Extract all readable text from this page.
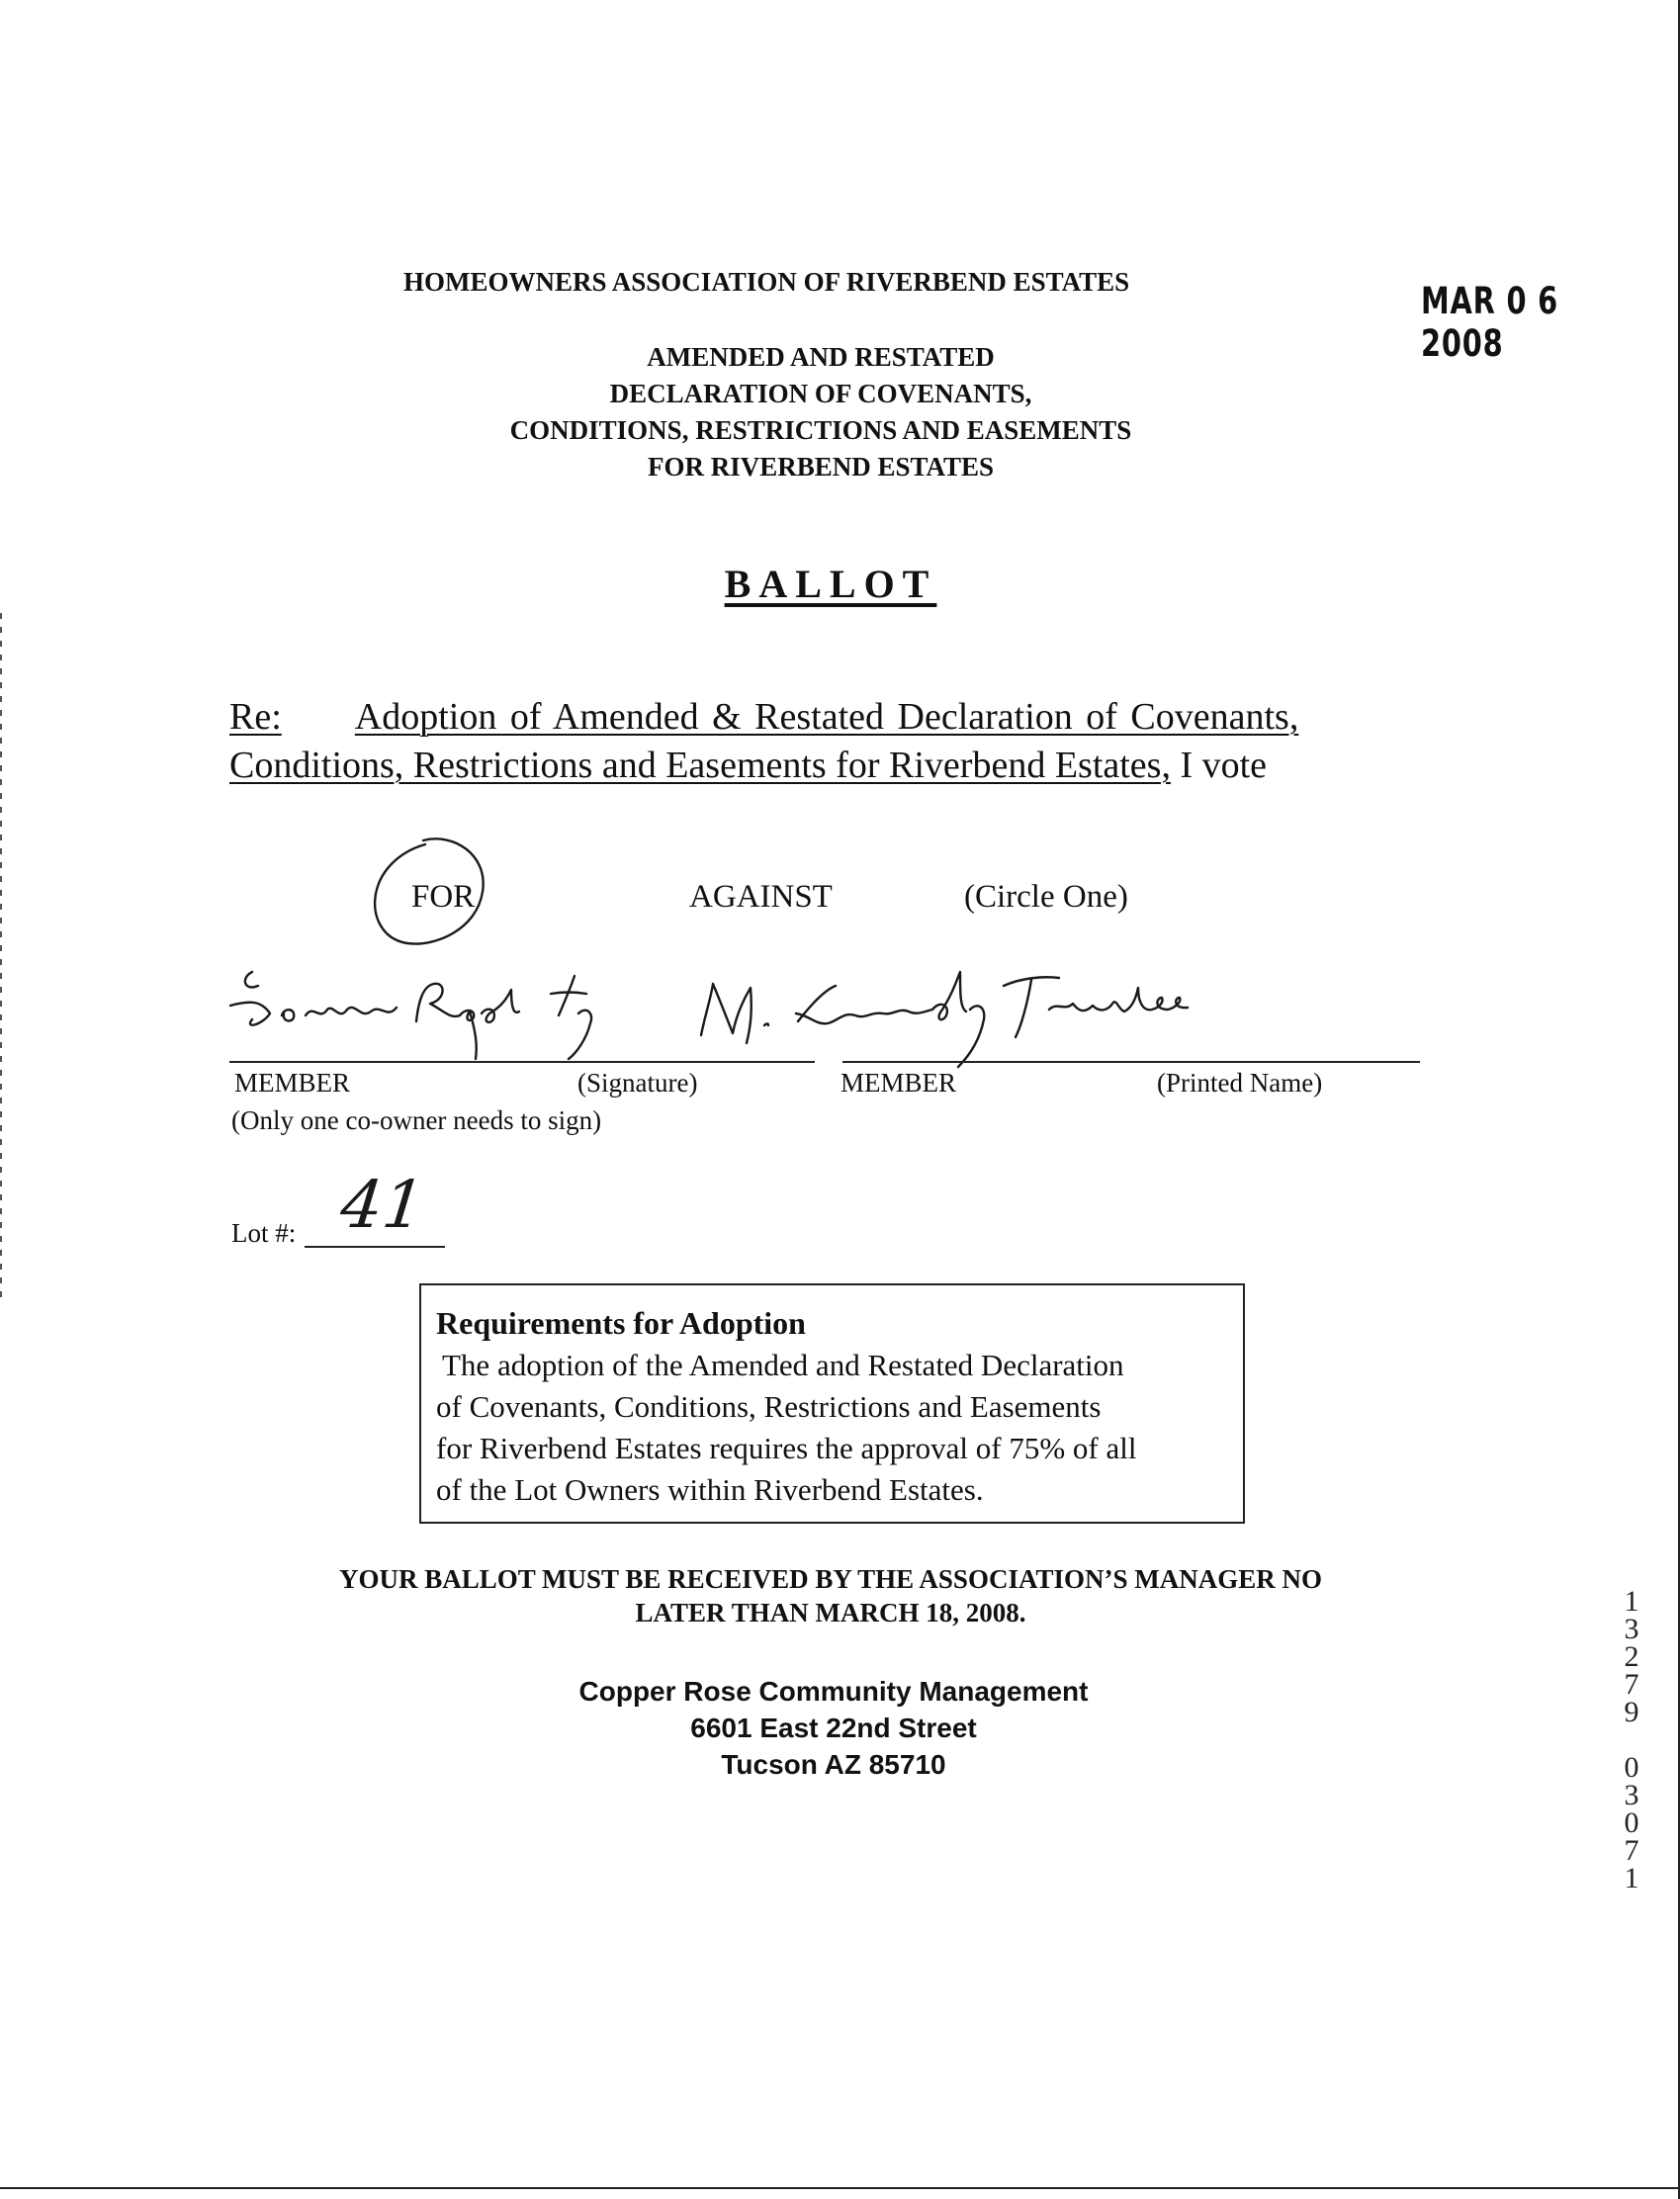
HOMEOWNERS ASSOCIATION OF RIVERBEND ESTATES	MAR 0 6 2008
AMENDED AND RESTATED
DECLARATION OF COVENANTS,
CONDITIONS, RESTRICTIONS AND EASEMENTS
FOR RIVERBEND ESTATES
BALLOT
Re: Adoption of Amended & Restated Declaration of Covenants,
Conditions, Restrictions and Easements for Riverbend Estates, I vote
FOR	AGAINST	(Circle One)
MEMBER	(Signature)	MEMBER	(Printed Name)
(Only one co-owner needs to sign)
Lot #: 41
Requirements for Adoption
The adoption of the Amended and Restated Declaration
of Covenants, Conditions, Restrictions and Easements
for Riverbend Estates requires the approval of 75% of all
of the Lot Owners within Riverbend Estates.
YOUR BALLOT MUST BE RECEIVED BY THE ASSOCIATION’S MANAGER NO
LATER THAN MARCH 18, 2008.
Copper Rose Community Management
6601 East 22nd Street
Tucson AZ 85710
1
3
2
7
9
0
3
0
7
1
